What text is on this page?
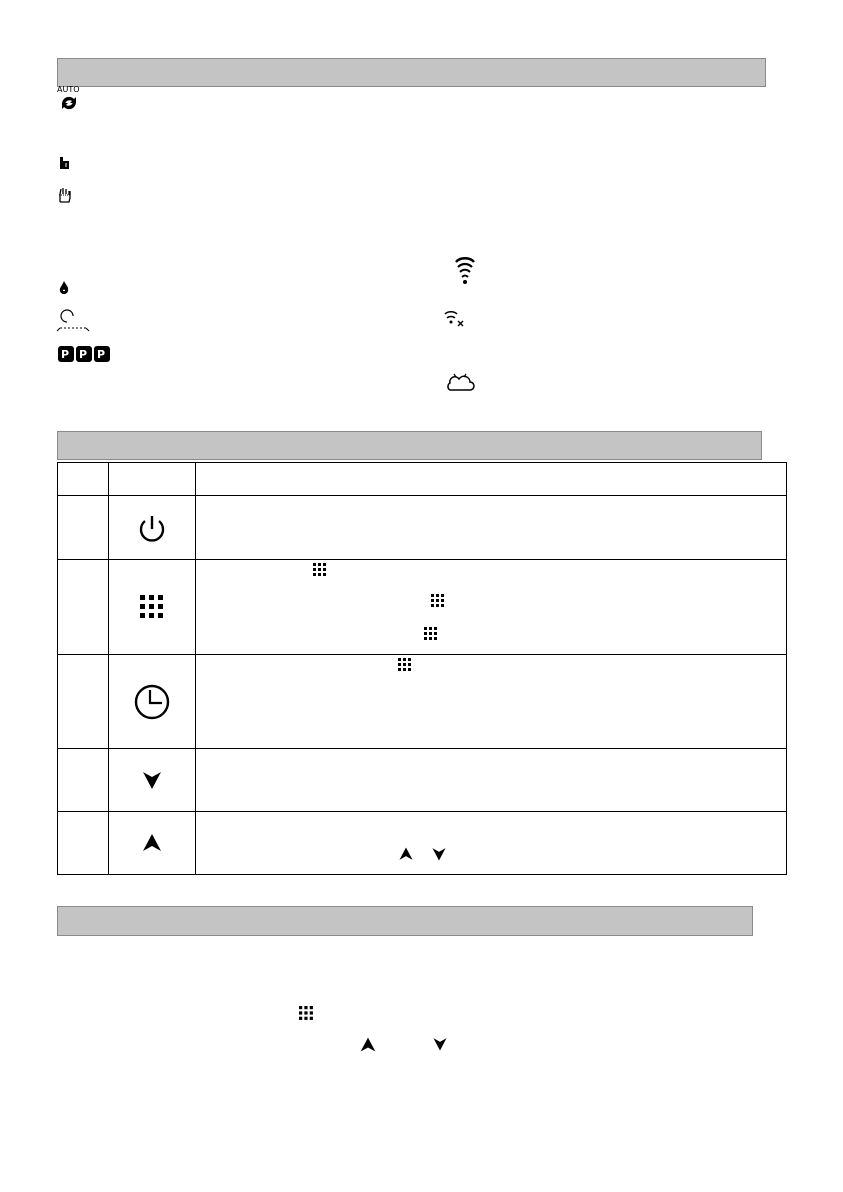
AUTO
P P P
